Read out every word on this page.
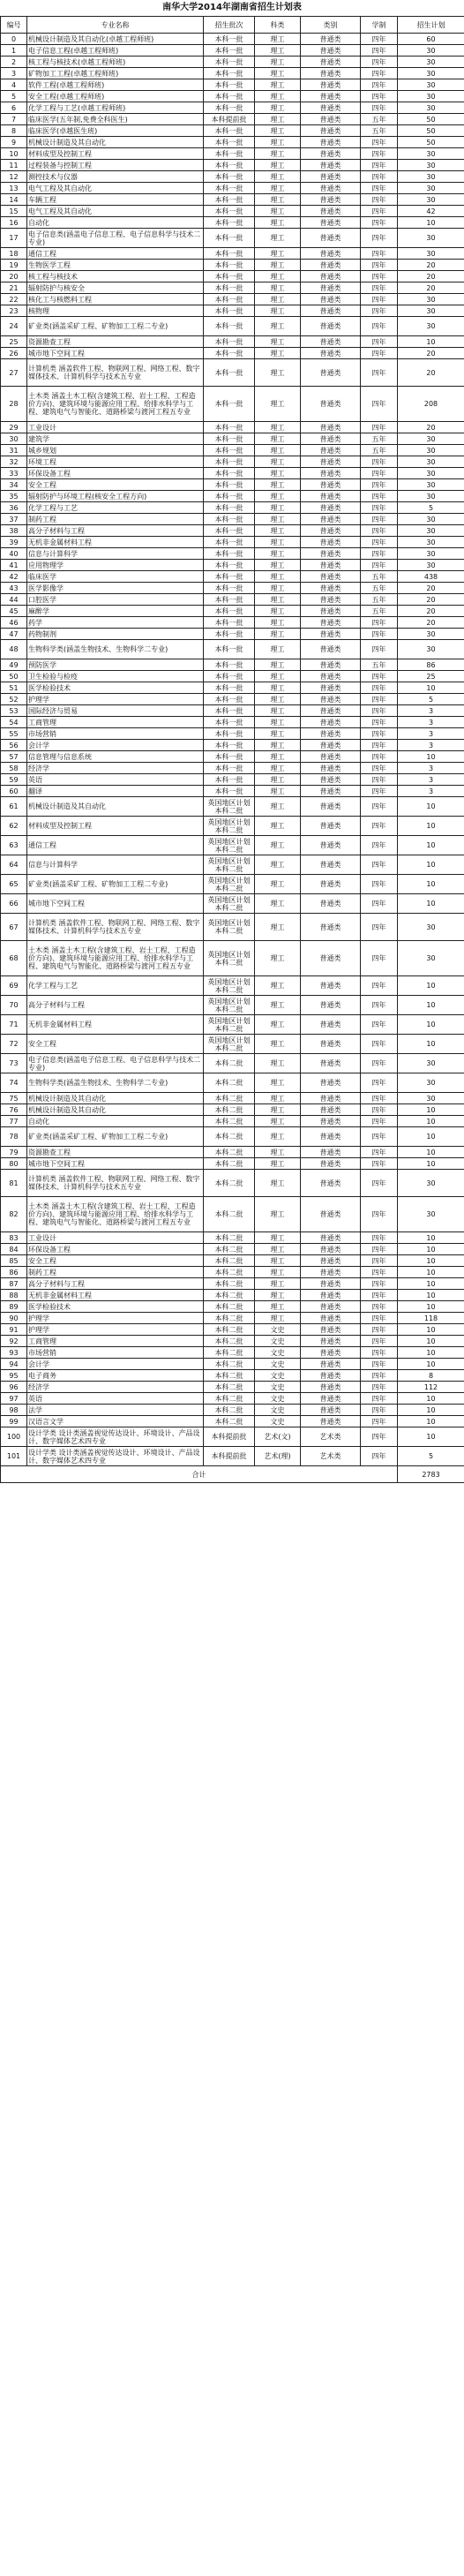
南华大学2014年湖南省招生计划表
编号	专业名称	招生批次	科类	类别	学制	招生计划
0	机械设计制造及其自动化(卓越工程师班)	本科一批	理工	普通类	四年	60
1	电子信息工程(卓越工程师班)	本科一批	理工	普通类	四年	30
2	核工程与核技术(卓越工程师班)	本科一批	理工	普通类	四年	30
3	矿物加工工程(卓越工程师班)	本科一批	理工	普通类	四年	30
4	软件工程(卓越工程师班)	本科一批	理工	普通类	四年	30
5	安全工程(卓越工程师班)	本科一批	理工	普通类	四年	30
6	化学工程与工艺(卓越工程师班)	本科一批	理工	普通类	四年	30
7	临床医学(五年制,免费全科医生)	本科提前批	理工	普通类	五年	50
8	临床医学(卓越医生班)	本科一批	理工	普通类	五年	50
9	机械设计制造及其自动化	本科一批	理工	普通类	四年	50
10	材料成型及控制工程	本科一批	理工	普通类	四年	30
11	过程装备与控制工程	本科一批	理工	普通类	四年	30
12	测控技术与仪器	本科一批	理工	普通类	四年	30
13	电气工程及其自动化	本科一批	理工	普通类	四年	30
14	车辆工程	本科一批	理工	普通类	四年	30
15	电气工程及其自动化	本科一批	理工	普通类	四年	42
16	自动化	本科一批	理工	普通类	四年	10
17	电子信息类(涵盖电子信息工程、电子信息科学与技术二专业)	本科一批	理工	普通类	四年	30
18	通信工程	本科一批	理工	普通类	四年	30
19	生物医学工程	本科一批	理工	普通类	四年	20
20	核工程与核技术	本科一批	理工	普通类	四年	20
21	辐射防护与核安全	本科一批	理工	普通类	四年	20
22	核化工与核燃料工程	本科一批	理工	普通类	四年	30
23	核物理	本科一批	理工	普通类	四年	30
24	矿业类(涵盖采矿工程、矿物加工工程二专业)	本科一批	理工	普通类	四年	30
25	资源勘查工程	本科一批	理工	普通类	四年	10
26	城市地下空间工程	本科一批	理工	普通类	四年	20
27	计算机类 涵盖软件工程、物联网工程、网络工程、数字媒体技术、计算机科学与技术五专业	本科一批	理工	普通类	四年	20
28	土木类 涵盖土木工程(含建筑工程、岩土工程、工程造价方向)、建筑环境与能源应用工程、给排水科学与工程、建筑电气与智能化、道路桥梁与渡河工程五专业	本科一批	理工	普通类	四年	208
29	工业设计	本科一批	理工	普通类	四年	20
30	建筑学	本科一批	理工	普通类	五年	30
31	城乡规划	本科一批	理工	普通类	五年	30
32	环境工程	本科一批	理工	普通类	四年	30
33	环保设备工程	本科一批	理工	普通类	四年	30
34	安全工程	本科一批	理工	普通类	四年	30
35	辐射防护与环境工程(核安全工程方向)	本科一批	理工	普通类	四年	30
36	化学工程与工艺	本科一批	理工	普通类	四年	5
37	制药工程	本科一批	理工	普通类	四年	30
38	高分子材料与工程	本科一批	理工	普通类	四年	30
39	无机非金属材料工程	本科一批	理工	普通类	四年	30
40	信息与计算科学	本科一批	理工	普通类	四年	30
41	应用物理学	本科一批	理工	普通类	四年	30
42	临床医学	本科一批	理工	普通类	五年	438
43	医学影像学	本科一批	理工	普通类	五年	20
44	口腔医学	本科一批	理工	普通类	五年	20
45	麻醉学	本科一批	理工	普通类	五年	20
46	药学	本科一批	理工	普通类	四年	20
47	药物制剂	本科一批	理工	普通类	四年	30
48	生物科学类(涵盖生物技术、生物科学二专业)	本科一批	理工	普通类	四年	30
49	预防医学	本科一批	理工	普通类	五年	86
50	卫生检验与检疫	本科一批	理工	普通类	四年	25
51	医学检验技术	本科一批	理工	普通类	四年	10
52	护理学	本科一批	理工	普通类	四年	5
53	国际经济与贸易	本科一批	理工	普通类	四年	3
54	工商管理	本科一批	理工	普通类	四年	3
55	市场营销	本科一批	理工	普通类	四年	3
56	会计学	本科一批	理工	普通类	四年	3
57	信息管理与信息系统	本科一批	理工	普通类	四年	10
58	经济学	本科一批	理工	普通类	四年	3
59	英语	本科一批	理工	普通类	四年	3
60	翻译	本科一批	理工	普通类	四年	3
61	机械设计制造及其自动化	英国地区计划本科二批	理工	普通类	四年	10
62	材料成型及控制工程	英国地区计划本科二批	理工	普通类	四年	10
63	通信工程	英国地区计划本科二批	理工	普通类	四年	10
64	信息与计算科学	英国地区计划本科二批	理工	普通类	四年	10
65	矿业类(涵盖采矿工程、矿物加工工程二专业)	英国地区计划本科二批	理工	普通类	四年	10
66	城市地下空间工程	英国地区计划本科二批	理工	普通类	四年	10
67	计算机类 涵盖软件工程、物联网工程、网络工程、数字媒体技术、计算机科学与技术五专业	英国地区计划本科二批	理工	普通类	四年	30
68	土木类 涵盖土木工程(含建筑工程、岩土工程、工程造价方向)、建筑环境与能源应用工程、给排水科学与工程、建筑电气与智能化、道路桥梁与渡河工程五专业	英国地区计划本科二批	理工	普通类	四年	30
69	化学工程与工艺	英国地区计划本科二批	理工	普通类	四年	10
70	高分子材料与工程	英国地区计划本科二批	理工	普通类	四年	10
71	无机非金属材料工程	英国地区计划本科二批	理工	普通类	四年	10
72	安全工程	英国地区计划本科二批	理工	普通类	四年	10
73	电子信息类(涵盖电子信息工程、电子信息科学与技术二专业)	本科二批	理工	普通类	四年	30
74	生物科学类(涵盖生物技术、生物科学二专业)	本科二批	理工	普通类	四年	30
75	机械设计制造及其自动化	本科二批	理工	普通类	四年	30
76	机械设计制造及其自动化	本科二批	理工	普通类	四年	10
77	自动化	本科二批	理工	普通类	四年	10
78	矿业类(涵盖采矿工程、矿物加工工程二专业)	本科二批	理工	普通类	四年	10
79	资源勘查工程	本科二批	理工	普通类	四年	10
80	城市地下空间工程	本科二批	理工	普通类	四年	10
81	计算机类 涵盖软件工程、物联网工程、网络工程、数字媒体技术、计算机科学与技术五专业	本科二批	理工	普通类	四年	30
82	土木类 涵盖土木工程(含建筑工程、岩土工程、工程造价方向)、建筑环境与能源应用工程、给排水科学与工程、建筑电气与智能化、道路桥梁与渡河工程五专业	本科二批	理工	普通类	四年	30
83	工业设计	本科二批	理工	普通类	四年	10
84	环保设备工程	本科二批	理工	普通类	四年	10
85	安全工程	本科二批	理工	普通类	四年	10
86	制药工程	本科二批	理工	普通类	四年	10
87	高分子材料与工程	本科二批	理工	普通类	四年	10
88	无机非金属材料工程	本科二批	理工	普通类	四年	10
89	医学检验技术	本科二批	理工	普通类	四年	10
90	护理学	本科二批	理工	普通类	四年	118
91	护理学	本科二批	文史	普通类	四年	10
92	工商管理	本科二批	文史	普通类	四年	10
93	市场营销	本科二批	文史	普通类	四年	10
94	会计学	本科二批	文史	普通类	四年	10
95	电子商务	本科二批	文史	普通类	四年	8
96	经济学	本科二批	文史	普通类	四年	112
97	英语	本科二批	文史	普通类	四年	10
98	法学	本科二批	文史	普通类	四年	10
99	汉语言文学	本科二批	文史	普通类	四年	10
100	设计学类 设计类涵盖视觉传达设计、环境设计、产品设计、数字媒体艺术四专业	本科提前批	艺术(文)	艺术类	四年	10
101	设计学类 设计类涵盖视觉传达设计、环境设计、产品设计、数字媒体艺术四专业	本科提前批	艺术(理)	艺术类	四年	5
合计						2783
